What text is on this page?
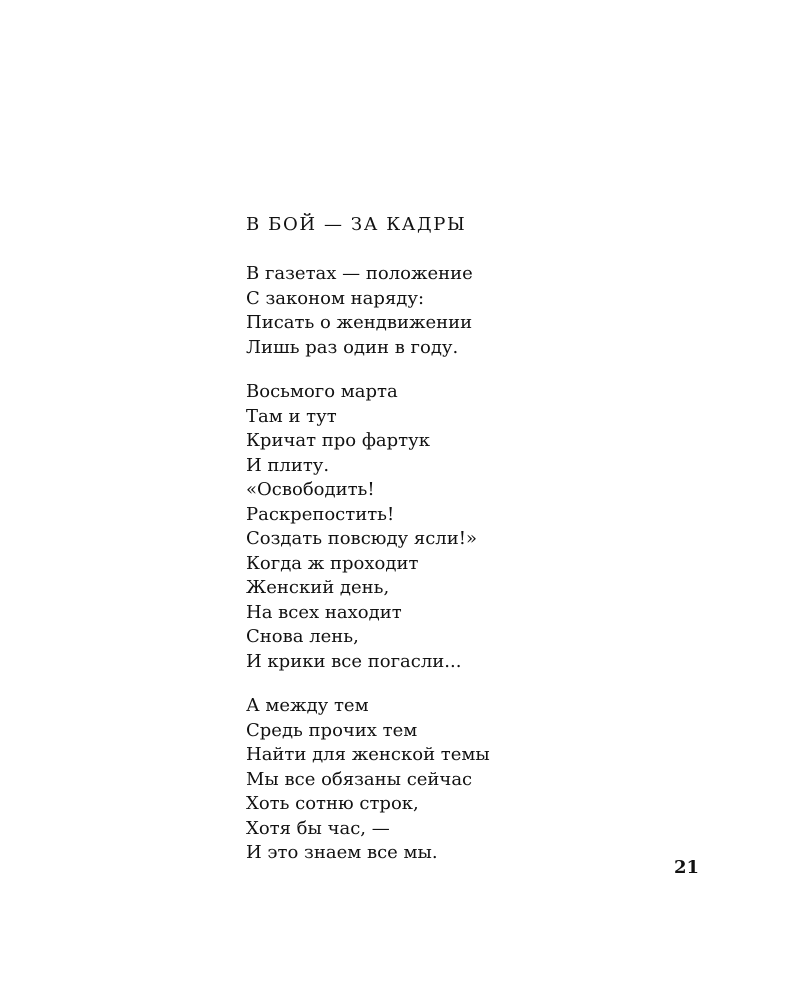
В БОЙ — ЗА КАДРЫ
В газетах — положение
С законом наряду:
Писать о жендвижении
Лишь раз один в году.
Восьмого марта
Там и тут
Кричат про фартук
И плиту.
«Освободить!
Раскрепостить!
Создать повсюду ясли!»
Когда ж проходит
Женский день,
На всех находит
Снова лень,
И крики все погасли...
А между тем
Средь прочих тем
Найти для женской темы
Мы все обязаны сейчас
Хоть сотню строк,
Хотя бы час, —
И это знаем все мы.
21
